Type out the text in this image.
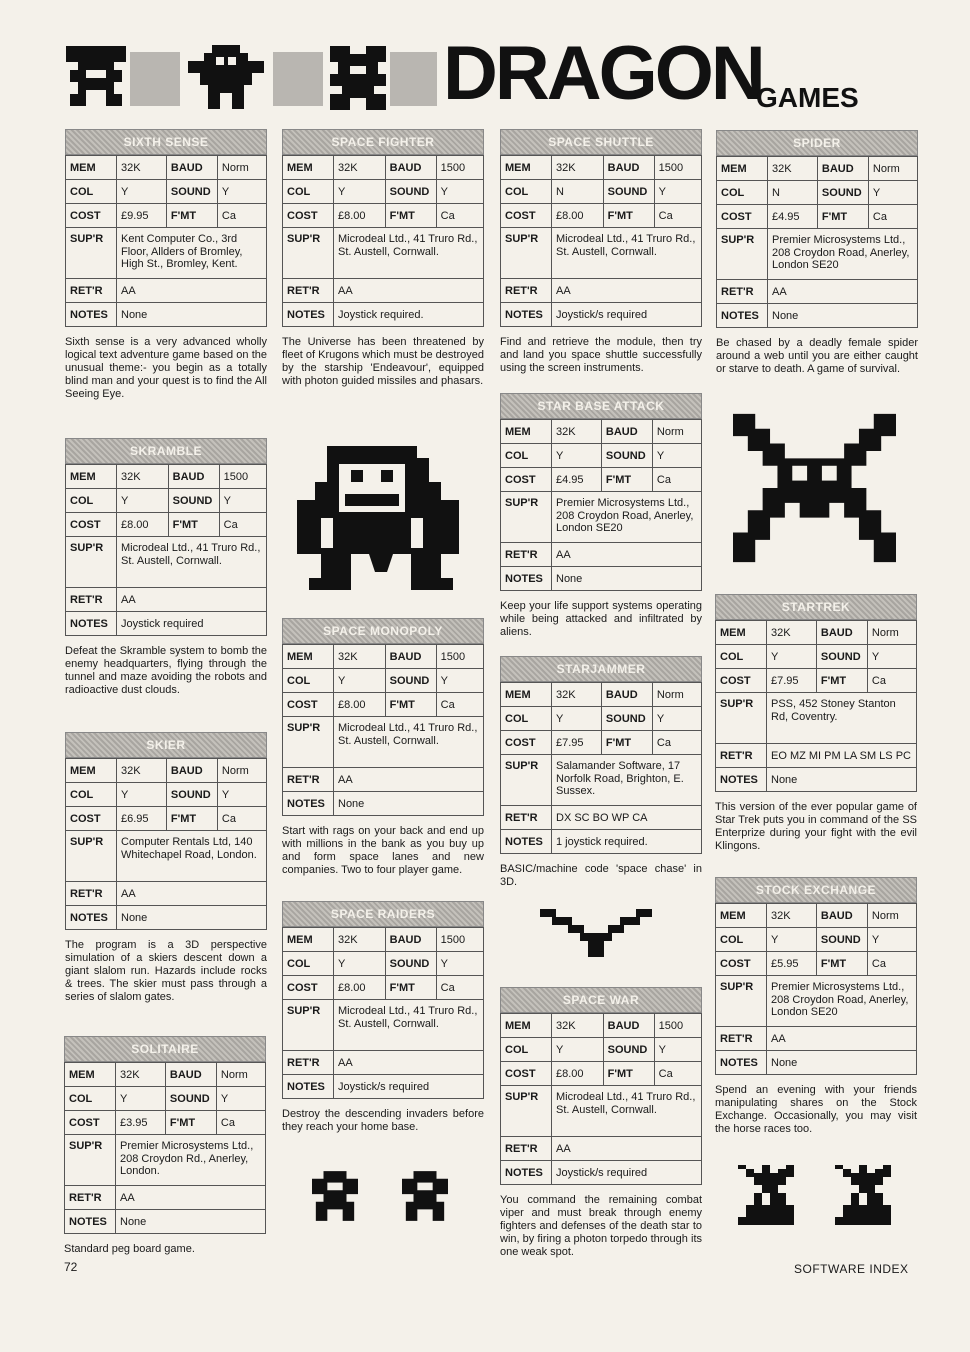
DRAGON
GAMES
SIXTH SENSE
MEM	32K	BAUD	Norm
COL	Y	SOUND	Y
COST	£9.95	F'MT	Ca
SUP'R	Kent Computer Co., 3rd Floor, Allders of Bromley, High St., Bromley, Kent.		
RET'R	AA		
NOTES	None		
Sixth sense is a very advanced wholly logical text adventure game based on the unusual theme:- you begin as a totally blind man and your quest is to find the All Seeing Eye.
SKRAMBLE
MEM	32K	BAUD	1500
COL	Y	SOUND	Y
COST	£8.00	F'MT	Ca
SUP'R	Microdeal Ltd., 41 Truro Rd., St. Austell, Cornwall.		
RET'R	AA		
NOTES	Joystick required		
Defeat the Skramble system to bomb the enemy headquarters, flying through the tunnel and maze avoiding the robots and radioactive dust clouds.
SKIER
MEM	32K	BAUD	Norm
COL	Y	SOUND	Y
COST	£6.95	F'MT	Ca
SUP'R	Computer Rentals Ltd, 140 Whitechapel Road, London.		
RET'R	AA		
NOTES	None		
The program is a 3D perspective simulation of a skiers descent down a giant slalom run. Hazards include rocks & trees. The skier must pass through a series of slalom gates.
SOLITAIRE
MEM	32K	BAUD	Norm
COL	Y	SOUND	Y
COST	£3.95	F'MT	Ca
SUP'R	Premier Microsystems Ltd., 208 Croydon Rd., Anerley, London.		
RET'R	AA		
NOTES	None		
Standard peg board game.
SPACE FIGHTER
MEM	32K	BAUD	1500
COL	Y	SOUND	Y
COST	£8.00	F'MT	Ca
SUP'R	Microdeal Ltd., 41 Truro Rd., St. Austell, Cornwall.		
RET'R	AA		
NOTES	Joystick required.		
The Universe has been threatened by fleet of Krugons which must be destroyed by the starship 'Endeavour', equipped with photon guided missiles and phasars.
SPACE MONOPOLY
MEM	32K	BAUD	1500
COL	Y	SOUND	Y
COST	£8.00	F'MT	Ca
SUP'R	Microdeal Ltd., 41 Truro Rd., St. Austell, Cornwall.		
RET'R	AA		
NOTES	None		
Start with rags on your back and end up with millions in the bank as you buy up and form space lanes and new companies. Two to four player game.
SPACE RAIDERS
MEM	32K	BAUD	1500
COL	Y	SOUND	Y
COST	£8.00	F'MT	Ca
SUP'R	Microdeal Ltd., 41 Truro Rd., St. Austell, Cornwall.		
RET'R	AA		
NOTES	Joystick/s required		
Destroy the descending invaders before they reach your home base.
SPACE SHUTTLE
MEM	32K	BAUD	1500
COL	N	SOUND	Y
COST	£8.00	F'MT	Ca
SUP'R	Microdeal Ltd., 41 Truro Rd., St. Austell, Cornwall.		
RET'R	AA		
NOTES	Joystick/s required		
Find and retrieve the module, then try and land you space shuttle successfully using the screen instruments.
STAR BASE ATTACK
MEM	32K	BAUD	Norm
COL	Y	SOUND	Y
COST	£4.95	F'MT	Ca
SUP'R	Premier Microsystems Ltd., 208 Croydon Road, Anerley, London SE20		
RET'R	AA		
NOTES	None		
Keep your life support systems operating while being attacked and infiltrated by aliens.
STARJAMMER
MEM	32K	BAUD	Norm
COL	Y	SOUND	Y
COST	£7.95	F'MT	Ca
SUP'R	Salamander Software, 17 Norfolk Road, Brighton, E. Sussex.		
RET'R	DX SC BO WP CA		
NOTES	1 joystick required.		
BASIC/machine code 'space chase' in 3D.
SPACE WAR
MEM	32K	BAUD	1500
COL	Y	SOUND	Y
COST	£8.00	F'MT	Ca
SUP'R	Microdeal Ltd., 41 Truro Rd., St. Austell, Cornwall.		
RET'R	AA		
NOTES	Joystick/s required		
You command the remaining combat viper and must break through enemy fighters and defenses of the death star to win, by firing a photon torpedo through its one weak spot.
SPIDER
MEM	32K	BAUD	Norm
COL	N	SOUND	Y
COST	£4.95	F'MT	Ca
SUP'R	Premier Microsystems Ltd., 208 Croydon Road, Anerley, London SE20		
RET'R	AA		
NOTES	None		
Be chased by a deadly female spider around a web until you are either caught or starve to death. A game of survival.
STARTREK
MEM	32K	BAUD	Norm
COL	Y	SOUND	Y
COST	£7.95	F'MT	Ca
SUP'R	PSS, 452 Stoney Stanton Rd, Coventry.		
RET'R	EO MZ MI PM LA SM LS PC		
NOTES	None		
This version of the ever popular game of Star Trek puts you in command of the SS Enterprize during your fight with the evil Klingons.
STOCK EXCHANGE
MEM	32K	BAUD	Norm
COL	Y	SOUND	Y
COST	£5.95	F'MT	Ca
SUP'R	Premier Microsystems Ltd., 208 Croydon Road, Anerley, London SE20		
RET'R	AA		
NOTES	None		
Spend an evening with your friends manipulating shares on the Stock Exchange. Occasionally, you may visit the horse races too.
72	SOFTWARE INDEX
